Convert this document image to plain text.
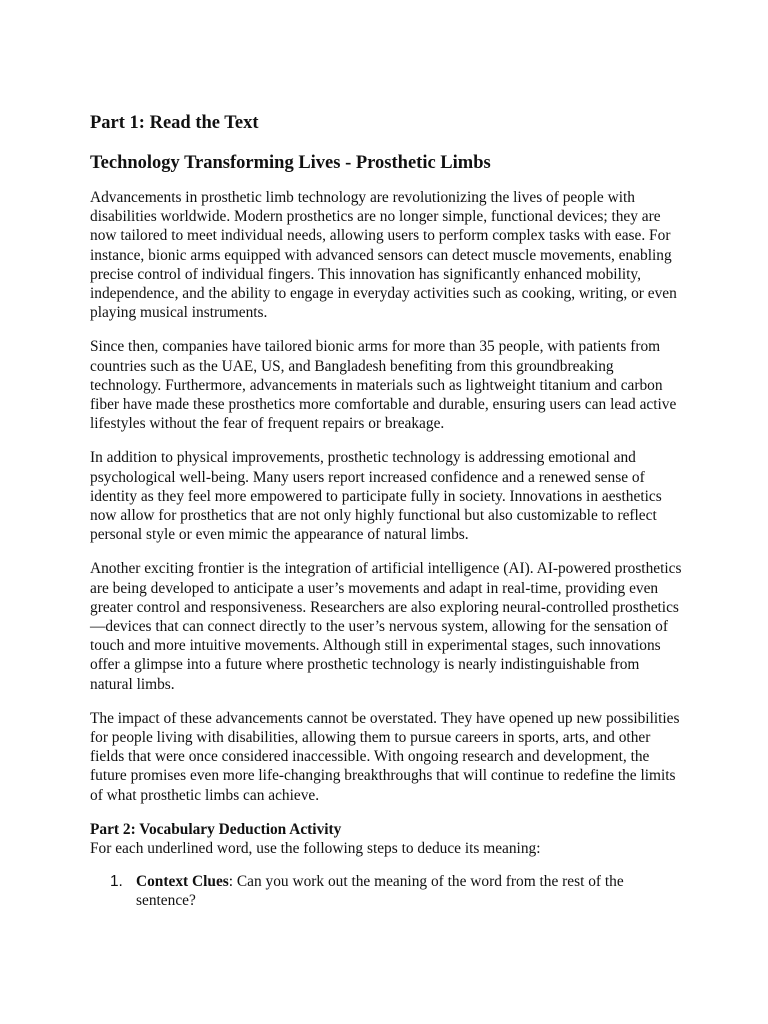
Part 1: Read the Text
Technology Transforming Lives - Prosthetic Limbs

Advancements in prosthetic limb technology are revolutionizing the lives of people with disabilities worldwide. Modern prosthetics are no longer simple, functional devices; they are now tailored to meet individual needs, allowing users to perform complex tasks with ease. For instance, bionic arms equipped with advanced sensors can detect muscle movements, enabling precise control of individual fingers. This innovation has significantly enhanced mobility, independence, and the ability to engage in everyday activities such as cooking, writing, or even playing musical instruments.

Since then, companies have tailored bionic arms for more than 35 people, with patients from countries such as the UAE, US, and Bangladesh benefiting from this groundbreaking technology. Furthermore, advancements in materials such as lightweight titanium and carbon fiber have made these prosthetics more comfortable and durable, ensuring users can lead active lifestyles without the fear of frequent repairs or breakage.

In addition to physical improvements, prosthetic technology is addressing emotional and psychological well-being. Many users report increased confidence and a renewed sense of identity as they feel more empowered to participate fully in society. Innovations in aesthetics now allow for prosthetics that are not only highly functional but also customizable to reflect personal style or even mimic the appearance of natural limbs.

Another exciting frontier is the integration of artificial intelligence (AI). AI-powered prosthetics are being developed to anticipate a user’s movements and adapt in real-time, providing even greater control and responsiveness. Researchers are also exploring neural-controlled prosthetics—devices that can connect directly to the user’s nervous system, allowing for the sensation of touch and more intuitive movements. Although still in experimental stages, such innovations offer a glimpse into a future where prosthetic technology is nearly indistinguishable from natural limbs.

The impact of these advancements cannot be overstated. They have opened up new possibilities for people living with disabilities, allowing them to pursue careers in sports, arts, and other fields that were once considered inaccessible. With ongoing research and development, the future promises even more life-changing breakthroughs that will continue to redefine the limits of what prosthetic limbs can achieve.

Part 2: Vocabulary Deduction Activity

For each underlined word, use the following steps to deduce its meaning:

1. Context Clues: Can you work out the meaning of the word from the rest of the sentence?
